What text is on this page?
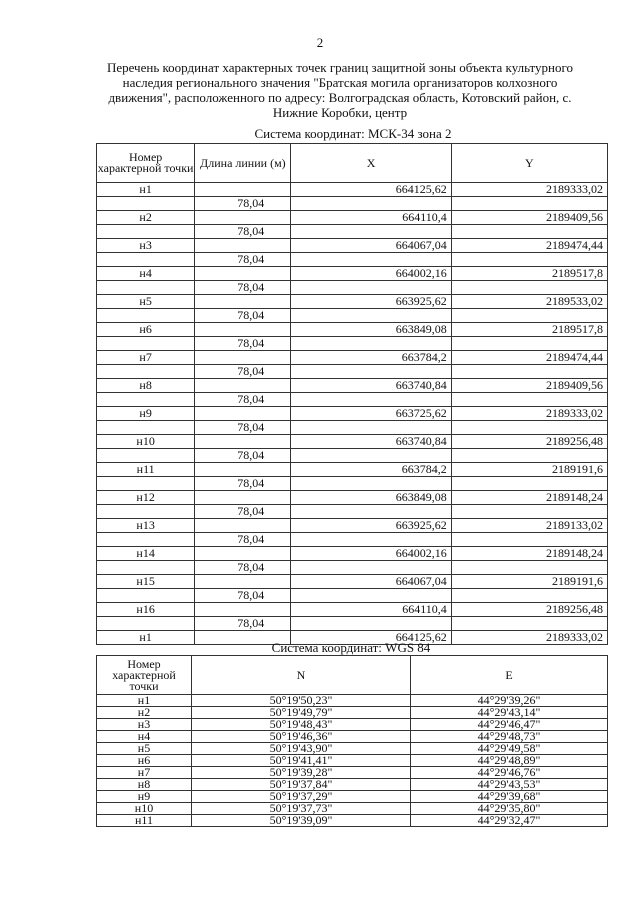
2
Перечень координат характерных точек границ защитной зоны объекта культурного наследия регионального значения "Братская могила организаторов колхозного движения", расположенного по адресу: Волгоградская область, Котовский район, с. Нижние Коробки, центр
Система координат: МСК-34 зона 2
Номер характерной точки	Длина линии (м)	X	Y
н1		664125,62	2189333,02
	78,04		
н2		664110,4	2189409,56
	78,04		
н3		664067,04	2189474,44
	78,04		
н4		664002,16	2189517,8
	78,04		
н5		663925,62	2189533,02
	78,04		
н6		663849,08	2189517,8
	78,04		
н7		663784,2	2189474,44
	78,04		
н8		663740,84	2189409,56
	78,04		
н9		663725,62	2189333,02
	78,04		
н10		663740,84	2189256,48
	78,04		
н11		663784,2	2189191,6
	78,04		
н12		663849,08	2189148,24
	78,04		
н13		663925,62	2189133,02
	78,04		
н14		664002,16	2189148,24
	78,04		
н15		664067,04	2189191,6
	78,04		
н16		664110,4	2189256,48
	78,04		
н1		664125,62	2189333,02
Система координат: WGS 84
Номер характерной точки	N	E
н1	50°19'50,23"	44°29'39,26"
н2	50°19'49,79"	44°29'43,14"
н3	50°19'48,43"	44°29'46,47"
н4	50°19'46,36"	44°29'48,73"
н5	50°19'43,90"	44°29'49,58"
н6	50°19'41,41"	44°29'48,89"
н7	50°19'39,28"	44°29'46,76"
н8	50°19'37,84"	44°29'43,53"
н9	50°19'37,29"	44°29'39,68"
н10	50°19'37,73"	44°29'35,80"
н11	50°19'39,09"	44°29'32,47"
